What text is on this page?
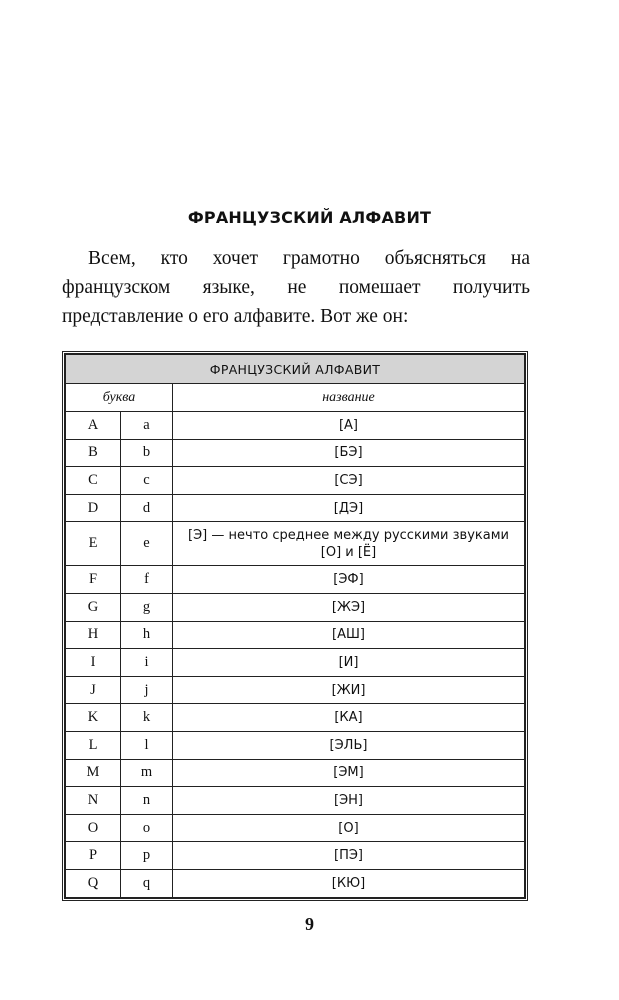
ФРАНЦУЗСКИЙ АЛФАВИТ

Всем, кто хочет грамотно объясняться на французском языке, не помешает получить представление о его алфавите. Вот же он:

ФРАНЦУЗСКИЙ АЛФАВИТ		
буква		название
A	a	[А]
B	b	[БЭ]
C	c	[СЭ]
D	d	[ДЭ]
E	e	[Э] — нечто среднее между русскими звуками [О] и [Ё]
F	f	[ЭФ]
G	g	[ЖЭ]
H	h	[АШ]
I	i	[И]
J	j	[ЖИ]
K	k	[КА]
L	l	[ЭЛЬ]
M	m	[ЭМ]
N	n	[ЭН]
O	o	[О]
P	p	[ПЭ]
Q	q	[КЮ]
9
